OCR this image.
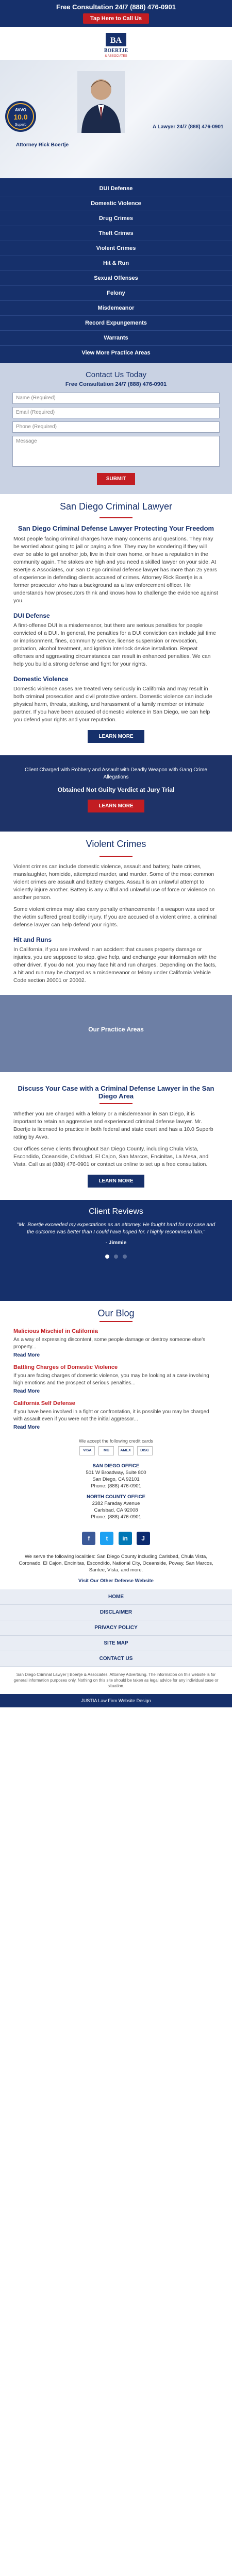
Free Consultation 24/7 (888) 476-0901
Tap Here to Call Us
BA
BOERTJE
& ASSOCIATES
AVVO
10.0
Superb	A Lawyer 24/7 (888) 476-0901
Attorney Rick Boertje
DUI Defense
Domestic Violence
Drug Crimes
Theft Crimes
Violent Crimes
Hit & Run
Sexual Offenses
Felony
Misdemeanor
Record Expungements
Warrants
View More Practice Areas
Contact Us Today
Free Consultation 24/7 (888) 476-0901
Name (Required)
Email (Required)
Phone (Required)
Message
SUBMIT
San Diego Criminal Lawyer
San Diego Criminal Defense Lawyer Protecting Your Freedom

Most people facing criminal charges have many concerns and questions. They may be worried about going to jail or paying a fine. They may be wondering if they will ever be able to get another job, live in their own home, or have a reputation in the community again. The stakes are high and you need a skilled lawyer on your side. At Boertje & Associates, our San Diego criminal defense lawyer has more than 25 years of experience in defending clients accused of crimes. Attorney Rick Boertje is a former prosecutor who has a background as a law enforcement officer. He understands how prosecutors think and knows how to challenge the evidence against you.

DUI Defense

A first-offense DUI is a misdemeanor, but there are serious penalties for people convicted of a DUI. In general, the penalties for a DUI conviction can include jail time or imprisonment, fines, community service, license suspension or revocation, probation, alcohol treatment, and ignition interlock device installation. Repeat offenses and aggravating circumstances can result in enhanced penalties. We can help you build a strong defense and fight for your rights.

Domestic Violence

Domestic violence cases are treated very seriously in California and may result in both criminal prosecution and civil protective orders. Domestic violence can include physical harm, threats, stalking, and harassment of a family member or intimate partner. If you have been accused of domestic violence in San Diego, we can help you defend your rights and your reputation.

LEARN MORE
Client Charged with Robbery and Assault with Deadly Weapon with Gang Crime Allegations
Obtained Not Guilty Verdict at Jury Trial
LEARN MORE
Violent Crimes

Violent crimes can include domestic violence, assault and battery, hate crimes, manslaughter, homicide, attempted murder, and murder. Some of the most common violent crimes are assault and battery charges. Assault is an unlawful attempt to violently injure another. Battery is any willful and unlawful use of force or violence on another person.

Some violent crimes may also carry penalty enhancements if a weapon was used or the victim suffered great bodily injury. If you are accused of a violent crime, a criminal defense lawyer can help defend your rights.

Hit and Runs

In California, if you are involved in an accident that causes property damage or injuries, you are supposed to stop, give help, and exchange your information with the other driver. If you do not, you may face hit and run charges. Depending on the facts, a hit and run may be charged as a misdemeanor or felony under California Vehicle Code section 20001 or 20002.

Our Practice Areas
Discuss Your Case with a Criminal Defense Lawyer in the San Diego Area

Whether you are charged with a felony or a misdemeanor in San Diego, it is important to retain an aggressive and experienced criminal defense lawyer. Mr. Boertje is licensed to practice in both federal and state court and has a 10.0 Superb rating by Avvo.

Our offices serve clients throughout San Diego County, including Chula Vista, Escondido, Oceanside, Carlsbad, El Cajon, San Marcos, Encinitas, La Mesa, and Vista. Call us at (888) 476-0901 or contact us online to set up a free consultation.

LEARN MORE
Client Reviews
"Mr. Boertje exceeded my expectations as an attorney. He fought hard for my case and the outcome was better than I could have hoped for. I highly recommend him."
- Jimmie

Our Blog
Malicious Mischief in California

As a way of expressing discontent, some people damage or destroy someone else's property...

Read More
Battling Charges of Domestic Violence

If you are facing charges of domestic violence, you may be looking at a case involving high emotions and the prospect of serious penalties...

Read More
California Self Defense

If you have been involved in a fight or confrontation, it is possible you may be charged with assault even if you were not the initial aggressor...

Read More
We accept the following credit cards
VISA	MC	AMEX	DISC
SAN DIEGO OFFICE
501 W Broadway, Suite 800
San Diego, CA 92101
Phone: (888) 476-0901
NORTH COUNTY OFFICE
2382 Faraday Avenue
Carlsbad, CA 92008
Phone: (888) 476-0901
f	t in J
We serve the following localities: San Diego County including Carlsbad, Chula Vista, Coronado, El Cajon, Encinitas, Escondido, National City, Oceanside, Poway, San Marcos, Santee, Vista, and more.
Visit Our Other Defense Website
HOME
DISCLAIMER
PRIVACY POLICY
SITE MAP
CONTACT US
San Diego Criminal Lawyer | Boertje & Associates. Attorney Advertising. The information on this website is for general information purposes only. Nothing on this site should be taken as legal advice for any individual case or situation.
JUSTIA Law Firm Website Design
